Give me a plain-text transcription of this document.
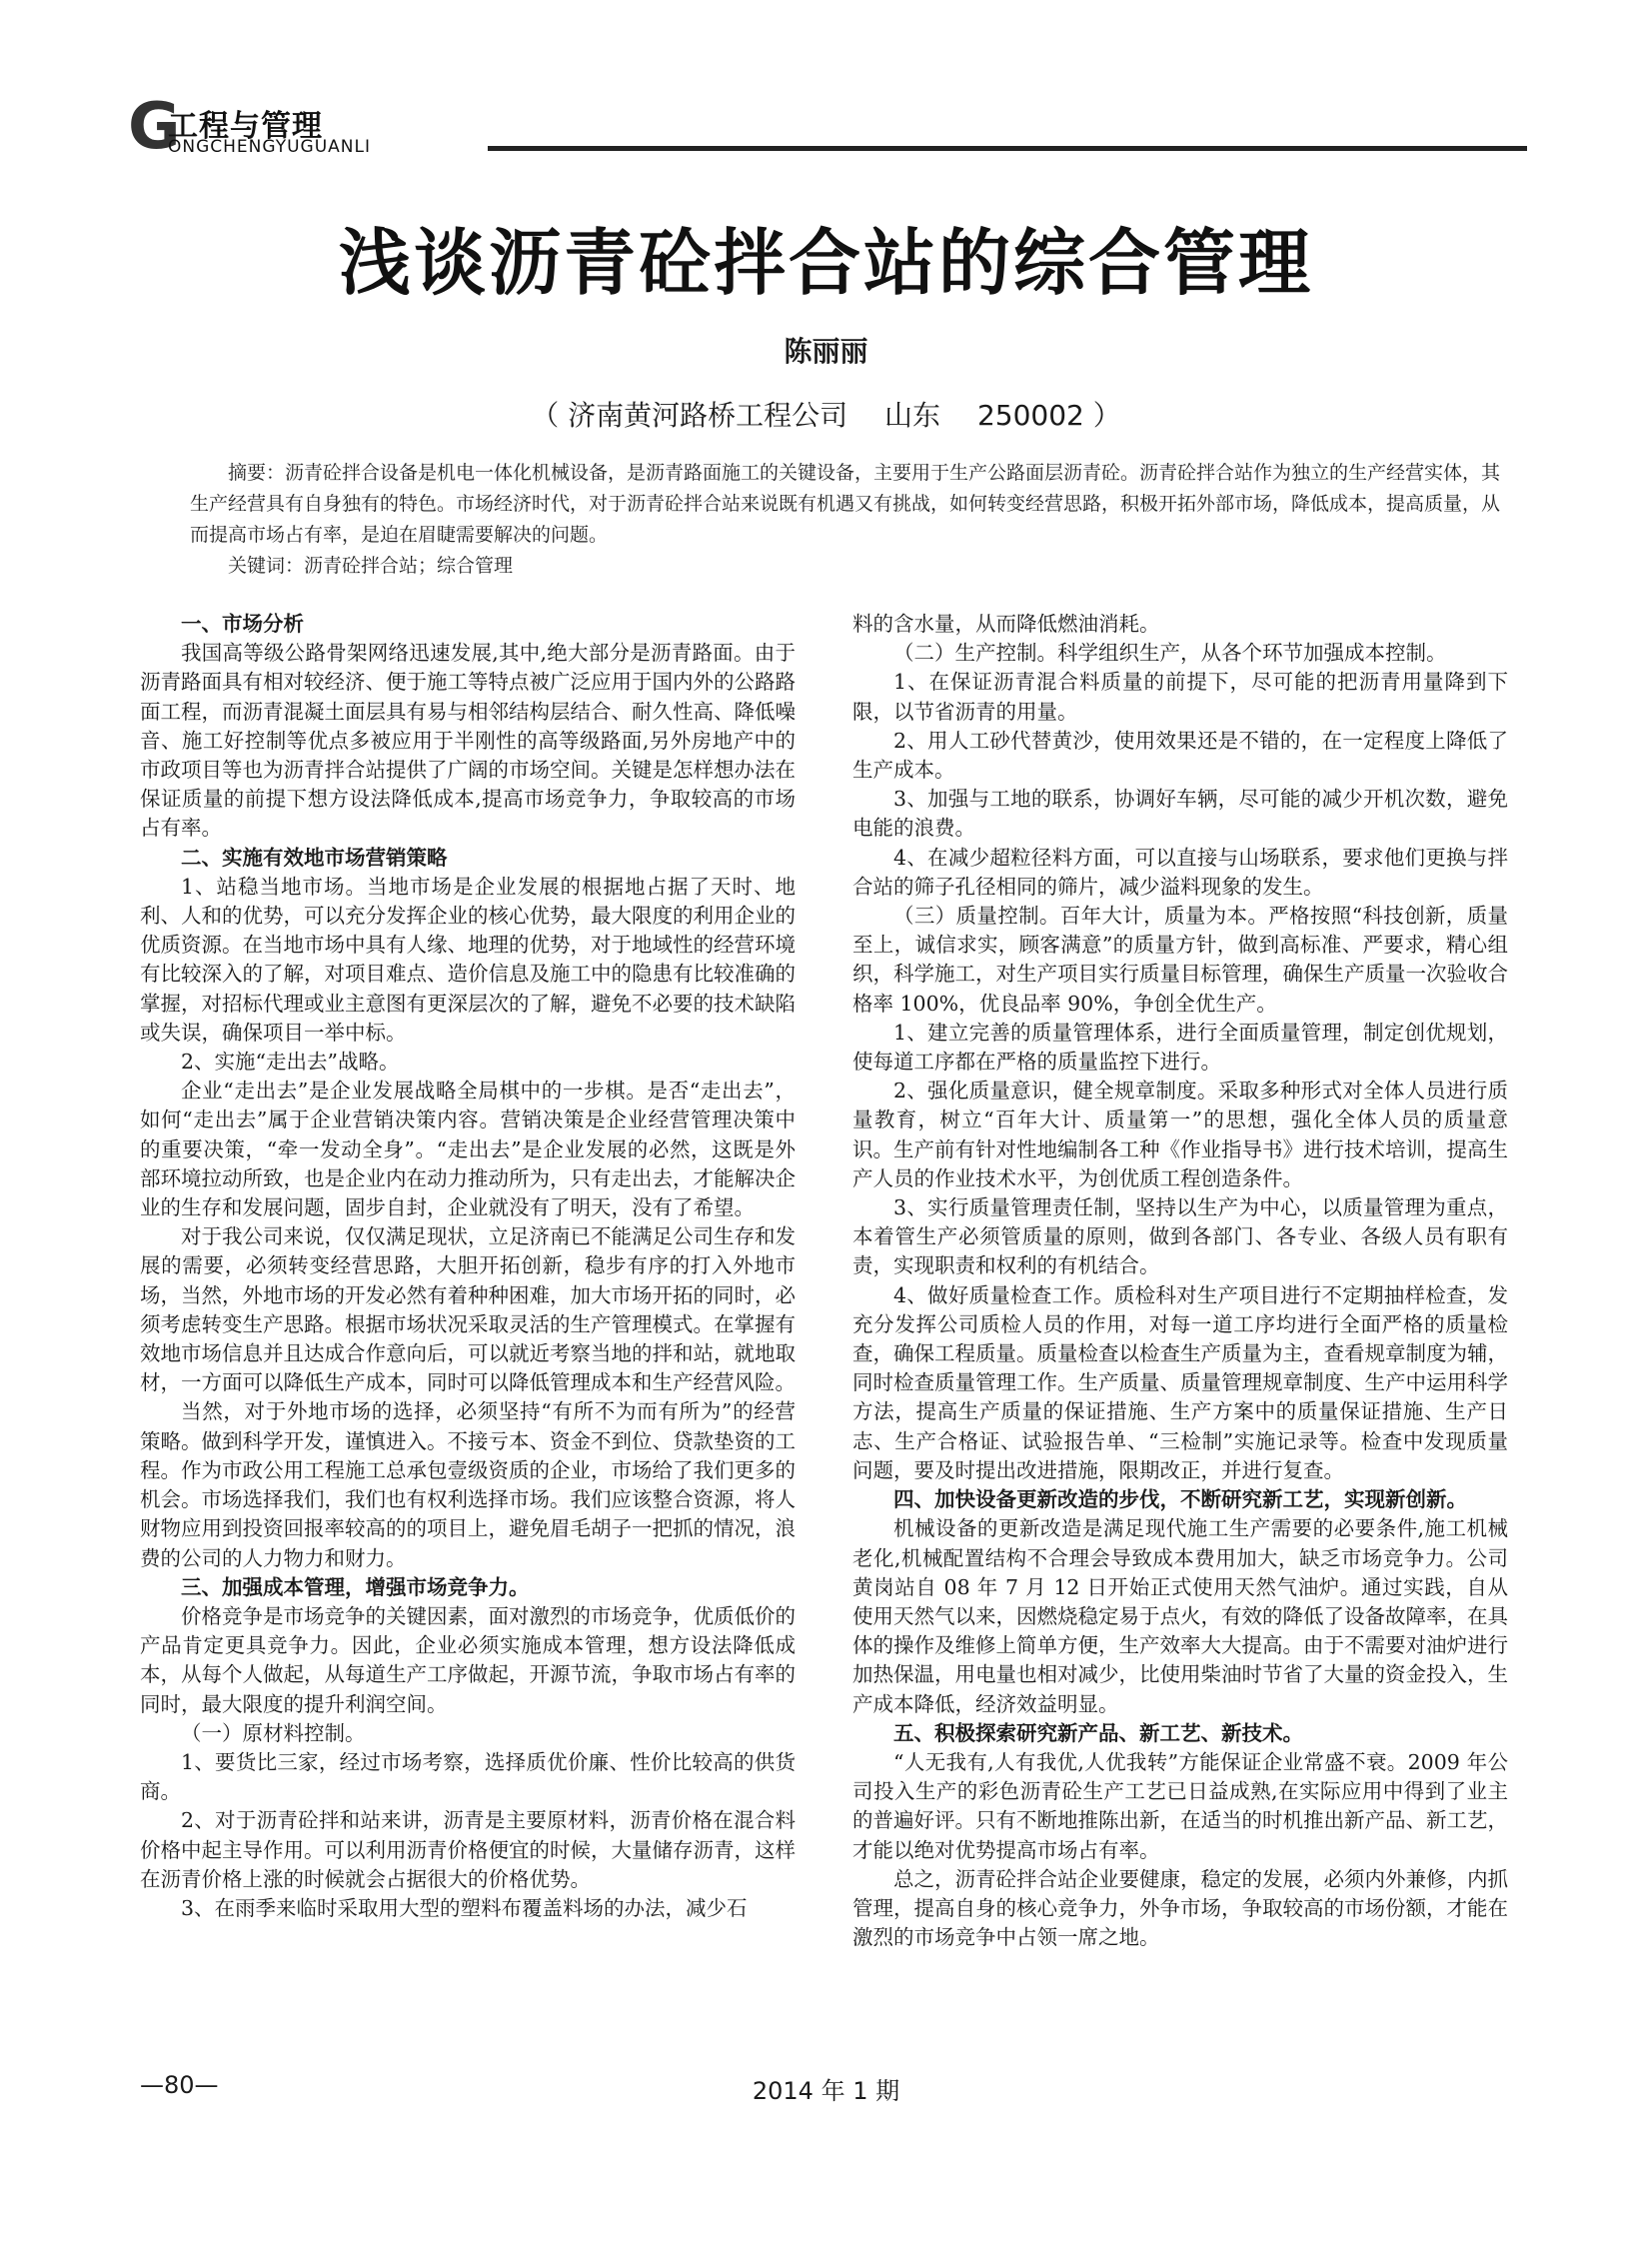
G
工程与管理
ONGCHENGYUGUANLI
浅谈沥青砼拌合站的综合管理
陈丽丽
（ 济南黄河路桥工程公司　 山东　 250002 ）

摘要：沥青砼拌合设备是机电一体化机械设备，是沥青路面施工的关键设备，主要用于生产公路面层沥青砼。沥青砼拌合站作为独立的生产经营实体，其生产经营具有自身独有的特色。市场经济时代，对于沥青砼拌合站来说既有机遇又有挑战，如何转变经营思路，积极开拓外部市场，降低成本，提高质量，从而提高市场占有率，是迫在眉睫需要解决的问题。

关键词：沥青砼拌合站；综合管理

一、市场分析

我国高等级公路骨架网络迅速发展,其中,绝大部分是沥青路面。由于沥青路面具有相对较经济、便于施工等特点被广泛应用于国内外的公路路面工程，而沥青混凝土面层具有易与相邻结构层结合、耐久性高、降低噪音、施工好控制等优点多被应用于半刚性的高等级路面,另外房地产中的市政项目等也为沥青拌合站提供了广阔的市场空间。关键是怎样想办法在保证质量的前提下想方设法降低成本,提高市场竞争力，争取较高的市场占有率。

二、实施有效地市场营销策略

1、站稳当地市场。当地市场是企业发展的根据地占据了天时、地利、人和的优势，可以充分发挥企业的核心优势，最大限度的利用企业的优质资源。在当地市场中具有人缘、地理的优势，对于地域性的经营环境有比较深入的了解，对项目难点、造价信息及施工中的隐患有比较准确的掌握，对招标代理或业主意图有更深层次的了解，避免不必要的技术缺陷或失误，确保项目一举中标。

2、实施“走出去”战略。

企业“走出去”是企业发展战略全局棋中的一步棋。是否“走出去”，如何“走出去”属于企业营销决策内容。营销决策是企业经营管理决策中的重要决策，“牵一发动全身”。“走出去”是企业发展的必然，这既是外部环境拉动所致，也是企业内在动力推动所为，只有走出去，才能解决企业的生存和发展问题，固步自封，企业就没有了明天，没有了希望。

对于我公司来说，仅仅满足现状，立足济南已不能满足公司生存和发展的需要，必须转变经营思路，大胆开拓创新，稳步有序的打入外地市场，当然，外地市场的开发必然有着种种困难，加大市场开拓的同时，必须考虑转变生产思路。根据市场状况采取灵活的生产管理模式。在掌握有效地市场信息并且达成合作意向后，可以就近考察当地的拌和站，就地取材，一方面可以降低生产成本，同时可以降低管理成本和生产经营风险。

当然，对于外地市场的选择，必须坚持“有所不为而有所为”的经营策略。做到科学开发，谨慎进入。不接亏本、资金不到位、贷款垫资的工程。作为市政公用工程施工总承包壹级资质的企业，市场给了我们更多的机会。市场选择我们，我们也有权利选择市场。我们应该整合资源，将人财物应用到投资回报率较高的的项目上，避免眉毛胡子一把抓的情况，浪费的公司的人力物力和财力。

三、加强成本管理，增强市场竞争力。

价格竞争是市场竞争的关键因素，面对激烈的市场竞争，优质低价的产品肯定更具竞争力。因此，企业必须实施成本管理，想方设法降低成本，从每个人做起，从每道生产工序做起，开源节流，争取市场占有率的同时，最大限度的提升利润空间。

（一）原材料控制。

1、要货比三家，经过市场考察，选择质优价廉、性价比较高的供货商。

2、对于沥青砼拌和站来讲，沥青是主要原材料，沥青价格在混合料价格中起主导作用。可以利用沥青价格便宜的时候，大量储存沥青，这样在沥青价格上涨的时候就会占据很大的价格优势。

3、在雨季来临时采取用大型的塑料布覆盖料场的办法，减少石

料的含水量，从而降低燃油消耗。

（二）生产控制。科学组织生产，从各个环节加强成本控制。

1、在保证沥青混合料质量的前提下，尽可能的把沥青用量降到下限，以节省沥青的用量。

2、用人工砂代替黄沙，使用效果还是不错的，在一定程度上降低了生产成本。

3、加强与工地的联系，协调好车辆，尽可能的减少开机次数，避免电能的浪费。

4、在减少超粒径料方面，可以直接与山场联系，要求他们更换与拌合站的筛子孔径相同的筛片，减少溢料现象的发生。

（三）质量控制。百年大计，质量为本。严格按照“科技创新，质量至上，诚信求实，顾客满意”的质量方针，做到高标准、严要求，精心组织，科学施工，对生产项目实行质量目标管理，确保生产质量一次验收合格率 100%，优良品率 90%，争创全优生产。

1、建立完善的质量管理体系，进行全面质量管理，制定创优规划，使每道工序都在严格的质量监控下进行。

2、强化质量意识，健全规章制度。采取多种形式对全体人员进行质量教育，树立“百年大计、质量第一”的思想，强化全体人员的质量意识。生产前有针对性地编制各工种《作业指导书》进行技术培训，提高生产人员的作业技术水平，为创优质工程创造条件。

3、实行质量管理责任制，坚持以生产为中心，以质量管理为重点，本着管生产必须管质量的原则，做到各部门、各专业、各级人员有职有责，实现职责和权利的有机结合。

4、做好质量检查工作。质检科对生产项目进行不定期抽样检查，发充分发挥公司质检人员的作用，对每一道工序均进行全面严格的质量检查，确保工程质量。质量检查以检查生产质量为主，查看规章制度为辅，同时检查质量管理工作。生产质量、质量管理规章制度、生产中运用科学方法，提高生产质量的保证措施、生产方案中的质量保证措施、生产日志、生产合格证、试验报告单、“三检制”实施记录等。检查中发现质量问题，要及时提出改进措施，限期改正，并进行复查。

四、加快设备更新改造的步伐，不断研究新工艺，实现新创新。

机械设备的更新改造是满足现代施工生产需要的必要条件,施工机械老化,机械配置结构不合理会导致成本费用加大，缺乏市场竞争力。公司黄岗站自 08 年 7 月 12 日开始正式使用天然气油炉。通过实践，自从使用天然气以来，因燃烧稳定易于点火，有效的降低了设备故障率，在具体的操作及维修上简单方便，生产效率大大提高。由于不需要对油炉进行加热保温，用电量也相对减少，比使用柴油时节省了大量的资金投入，生产成本降低，经济效益明显。

五、积极探索研究新产品、新工艺、新技术。

“人无我有,人有我优,人优我转”方能保证企业常盛不衰。2009 年公司投入生产的彩色沥青砼生产工艺已日益成熟,在实际应用中得到了业主的普遍好评。只有不断地推陈出新，在适当的时机推出新产品、新工艺，才能以绝对优势提高市场占有率。

总之，沥青砼拌合站企业要健康，稳定的发展，必须内外兼修，内抓管理，提高自身的核心竞争力，外争市场，争取较高的市场份额，才能在激烈的市场竞争中占领一席之地。

—80—	2014 年 1 期
